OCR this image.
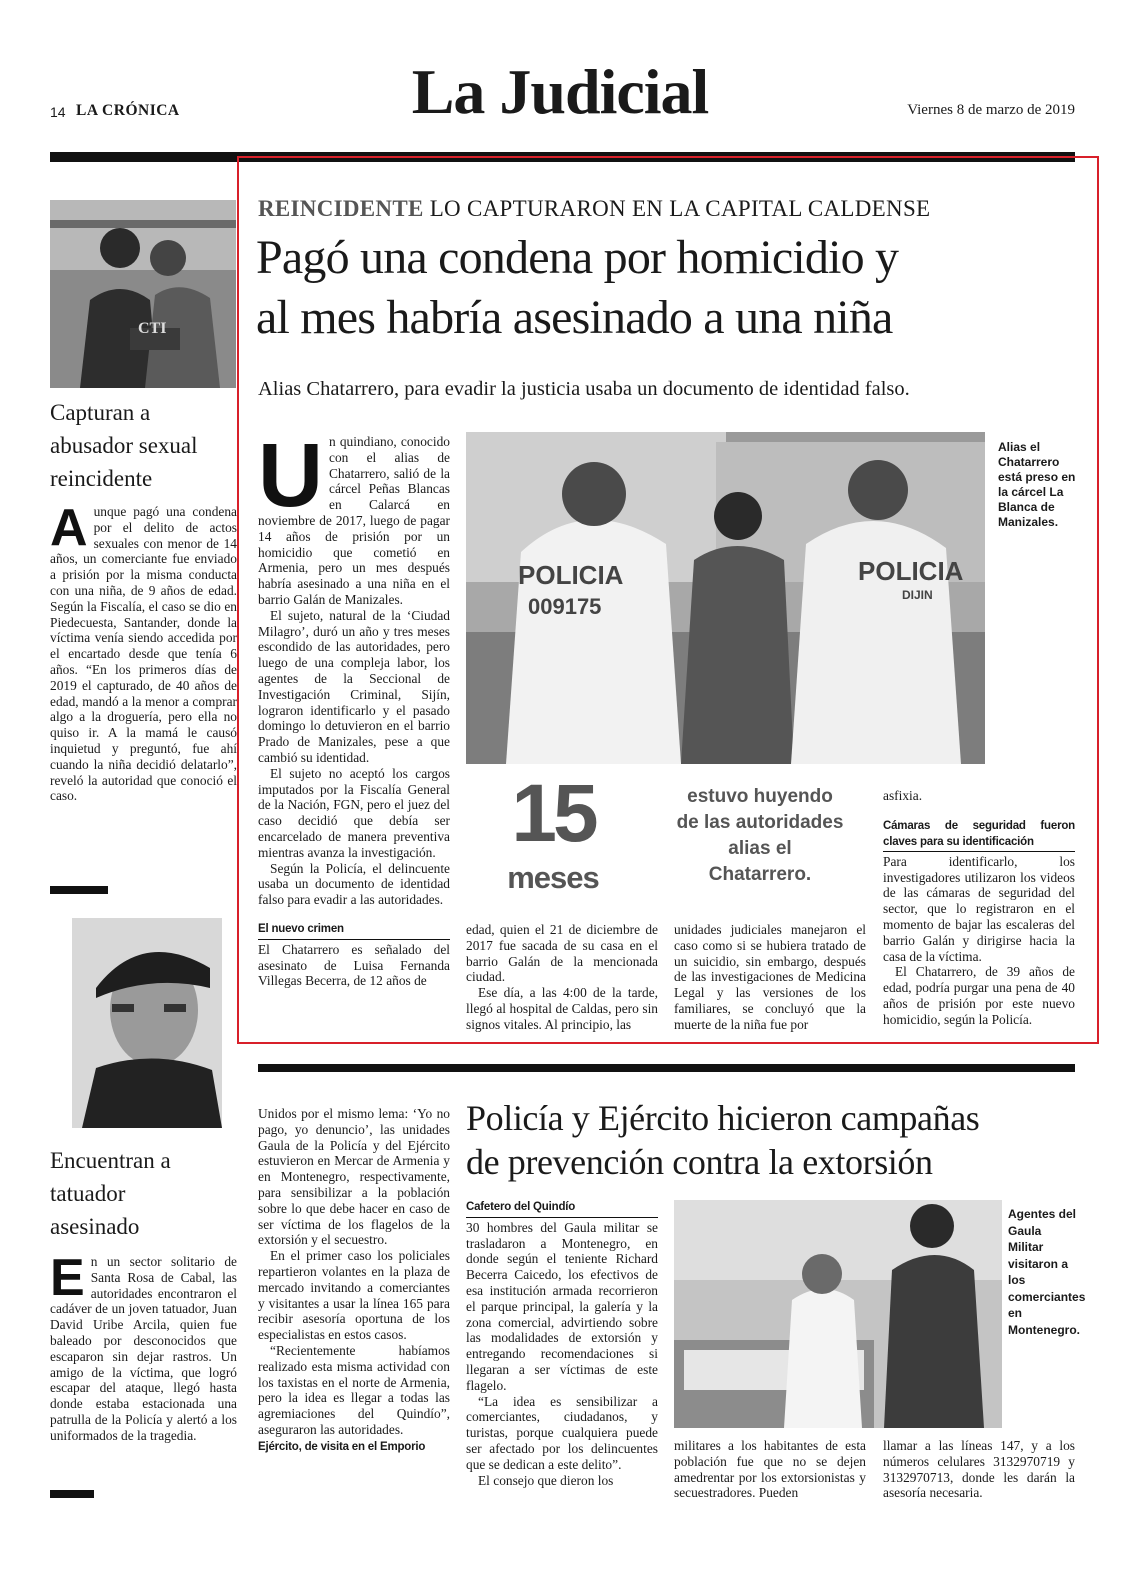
14 LA CRÓNICA	La Judicial	Viernes 8 de marzo de 2019
CTI
Capturan a abusador sexual reincidente
Aunque pagó una condena por el delito de actos sexuales con menor de 14 años, un comerciante fue enviado a prisión por la misma conducta con una niña, de 9 años de edad. Según la Fiscalía, el caso se dio en Piedecuesta, Santander, donde la víctima venía siendo accedida por el encartado desde que tenía 6 años. “En los primeros días de 2019 el capturado, de 40 años de edad, mandó a la menor a comprar algo a la droguería, pero ella no quiso ir. A la mamá le causó inquietud y preguntó, fue ahí cuando la niña decidió delatarlo”, reveló la autoridad que conoció el caso.
Encuentran a tatuador asesinado
En un sector solitario de Santa Rosa de Cabal, las autoridades encontraron el cadáver de un joven tatuador, Juan David Uribe Arcila, quien fue baleado por desconocidos que escaparon sin dejar rastros. Un amigo de la víctima, que logró escapar del ataque, llegó hasta donde estaba estacionada una patrulla de la Policía y alertó a los uniformados de la tragedia.
REINCIDENTE LO CAPTURARON EN LA CAPITAL CALDENSE
Pagó una condena por homicidio y
al mes habría asesinado a una niña
Alias Chatarrero, para evadir la justicia usaba un documento de identidad falso.

Un quindiano, conocido con el alias de Chatarrero, salió de la cárcel Peñas Blancas en Calarcá en noviembre de 2017, luego de pagar 14 años de prisión por un homicidio que cometió en Armenia, pero un mes después habría asesinado a una niña en el barrio Galán de Manizales.

El sujeto, natural de la ‘Ciudad Milagro’, duró un año y tres meses escondido de las autoridades, pero luego de una compleja labor, los agentes de la Seccional de Investigación Criminal, Sijín, lograron identificarlo y el pasado domingo lo detuvieron en el barrio Prado de Manizales, pese a que cambió su identidad.

El sujeto no aceptó los cargos imputados por la Fiscalía General de la Nación, FGN, pero el juez del caso decidió que debía ser encarcelado de manera preventiva mientras avanza la investigación.

Según la Policía, el delincuente usaba un documento de identidad falso para evadir a las autoridades.

El nuevo crimen

El Chatarrero es señalado del asesinato de Luisa Fernanda Villegas Becerra, de 12 años de

POLICIA
009175
POLICIA
DIJIN
Alias el Chatarrero está preso en la cárcel La Blanca de Manizales.
15
meses
estuvo huyendo de las autoridades alias el Chatarrero.

edad, quien el 21 de diciembre de 2017 fue sacada de su casa en el barrio Galán de la mencionada ciudad.

Ese día, a las 4:00 de la tarde, llegó al hospital de Caldas, pero sin signos vitales. Al principio, las

unidades judiciales manejaron el caso como si se hubiera tratado de un suicidio, sin embargo, después de las investigaciones de Medicina Legal y las versiones de los familiares, se concluyó que la muerte de la niña fue por

asfixia.

Cámaras de seguridad fueron claves para su identificación

Para identificarlo, los investigadores utilizaron los videos de las cámaras de seguridad del sector, que lo registraron en el momento de bajar las escaleras del barrio Galán y dirigirse hacia la casa de la víctima.

El Chatarrero, de 39 años de edad, podría purgar una pena de 40 años de prisión por este nuevo homicidio, según la Policía.

Unidos por el mismo lema: ‘Yo no pago, yo denuncio’, las unidades Gaula de la Policía y del Ejército estuvieron en Mercar de Armenia y en Montenegro, respectivamente, para sensibilizar a la población sobre lo que debe hacer en caso de ser víctima de los flagelos de la extorsión y el secuestro.

En el primer caso los policiales repartieron volantes en la plaza de mercado invitando a comerciantes y visitantes a usar la línea 165 para recibir asesoría oportuna de los especialistas en estos casos.

“Recientemente habíamos realizado esta misma actividad con los taxistas en el norte de Armenia, pero la idea es llegar a todas las agremiaciones del Quindío”, aseguraron las autoridades.

Ejército, de visita en el Emporio
Policía y Ejército hicieron campañas
de prevención contra la extorsión
Cafetero del Quindío

30 hombres del Gaula militar se trasladaron a Montenegro, en donde según el teniente Richard Becerra Caicedo, los efectivos de esa institución armada recorrieron el parque principal, la galería y la zona comercial, advirtiendo sobre las modalidades de extorsión y entregando recomendaciones si llegaran a ser víctimas de este flagelo.

“La idea es sensibilizar a comerciantes, ciudadanos, y turistas, porque cualquiera puede ser afectado por los delincuentes que se dedican a este delito”.

El consejo que dieron los

Agentes del Gaula Militar visitaron a los comerciantes en Montenegro.

militares a los habitantes de esta población fue que no se dejen amedrentar por los extorsionistas y secuestradores. Pueden

llamar a las líneas 147, y a los números celulares 3132970719 y 3132970713, donde les darán la asesoría necesaria.
